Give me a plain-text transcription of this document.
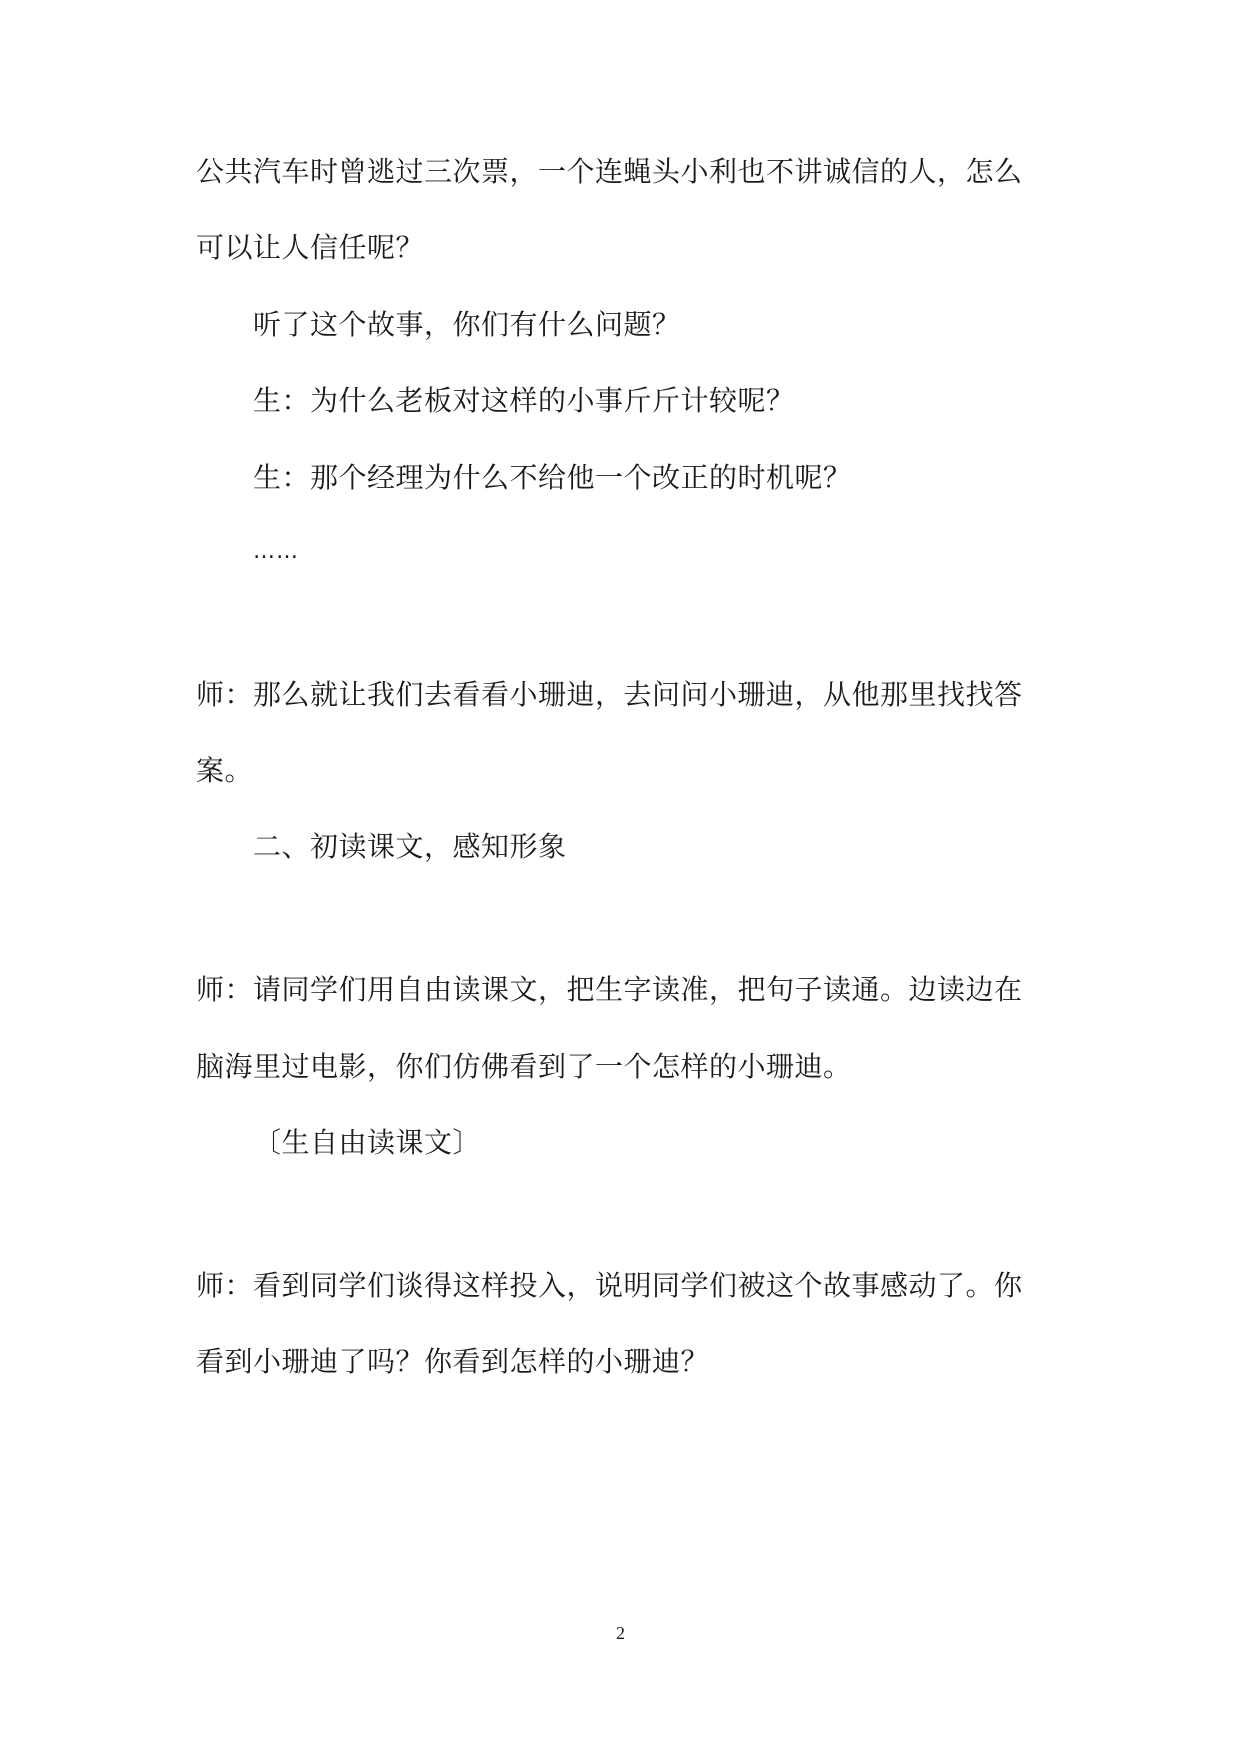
公共汽车时曾逃过三次票，一个连蝇头小利也不讲诚信的人，怎么
可以让人信任呢？
听了这个故事，你们有什么问题？
生：为什么老板对这样的小事斤斤计较呢？
生：那个经理为什么不给他一个改正的时机呢？
……
师：那么就让我们去看看小珊迪，去问问小珊迪，从他那里找找答
案。
二、初读课文，感知形象
师：请同学们用自由读课文，把生字读准，把句子读通。边读边在
脑海里过电影，你们仿佛看到了一个怎样的小珊迪。
〔生自由读课文〕
师：看到同学们谈得这样投入，说明同学们被这个故事感动了。你
看到小珊迪了吗？你看到怎样的小珊迪？
2
